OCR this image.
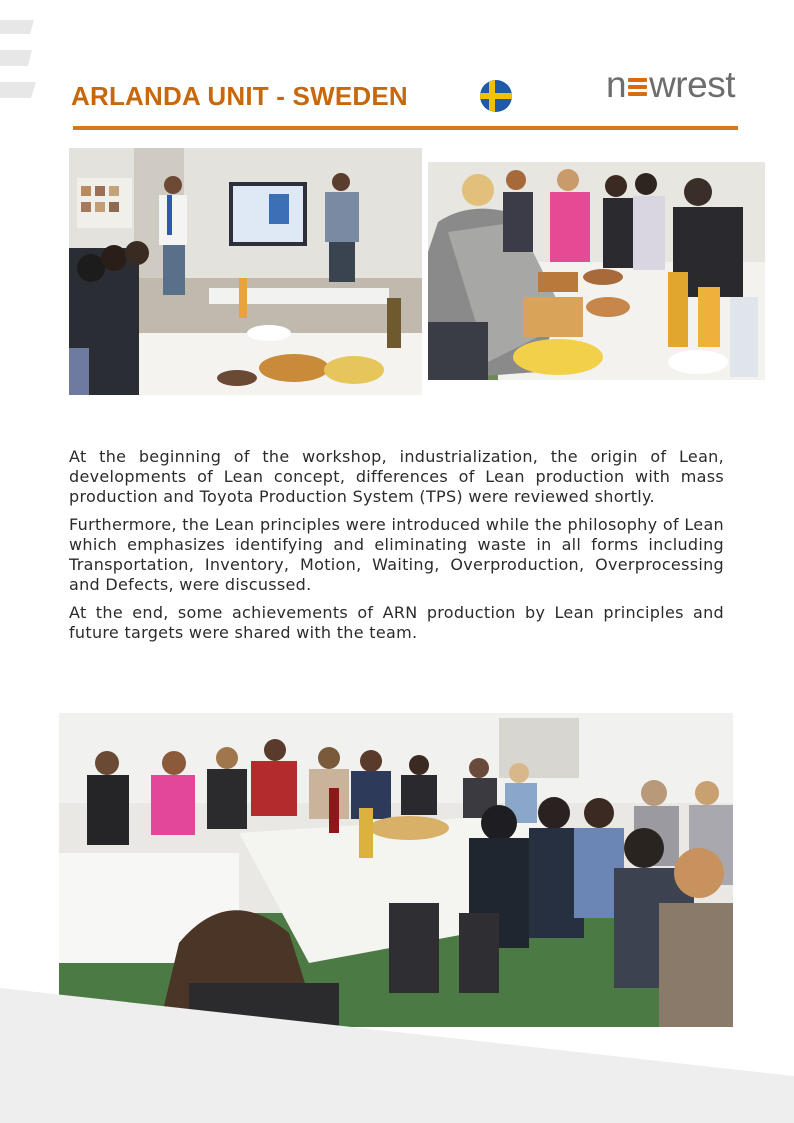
ARLANDA UNIT - SWEDEN	n wrest

At the beginning of the workshop, industrialization, the origin of Lean, developments of Lean concept, differences of Lean production with mass production and Toyota Production System (TPS) were reviewed shortly.

Furthermore, the Lean principles were introduced while the philosophy of Lean which emphasizes identifying and eliminating waste in all forms including Transportation, Inventory, Motion, Waiting, Overproduction, Overprocessing and Defects, were discussed.

At the end, some achievements of ARN production by Lean principles and future targets were shared with the team.
